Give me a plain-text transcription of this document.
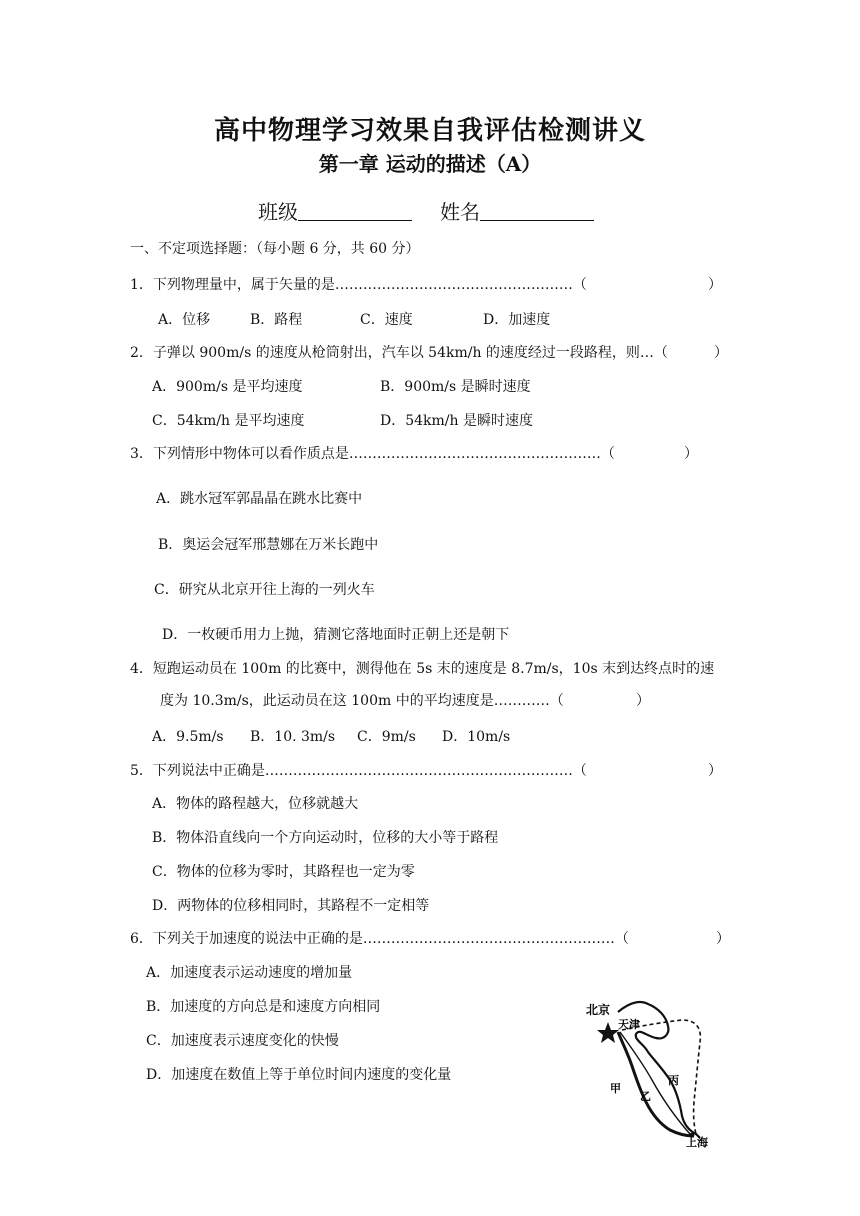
高中物理学习效果自我评估检测讲义
第一章 运动的描述（A）
班级	姓名
一、不定项选择题：（每小题 6 分，共 60 分）
1．下列物理量中，属于矢量的是……………………………………………（	）
A．位移	B．路程	C．速度	D．加速度
2．子弹以 900m/s 的速度从枪筒射出，汽车以 54km/h 的速度经过一段路程，则…（	）
A．900m/s 是平均速度	B．900m/s 是瞬时速度
C．54km/h 是平均速度	D．54km/h 是瞬时速度
3．下列情形中物体可以看作质点是………………………………………………（	）
A．跳水冠军郭晶晶在跳水比赛中
B．奥运会冠军邢慧娜在万米长跑中
C．研究从北京开往上海的一列火车
D．一枚硬币用力上抛，猜测它落地面时正朝上还是朝下
4．短跑运动员在 100m 的比赛中，测得他在 5s 末的速度是 8.7m/s，10s 末到达终点时的速
度为 10.3m/s，此运动员在这 100m 中的平均速度是…………（	）
A．9.5m/s B．10. 3m/s C．9m/s D．10m/s
5．下列说法中正确是…………………………………………………………（	）
A．物体的路程越大，位移就越大
B．物体沿直线向一个方向运动时，位移的大小等于路程
C．物体的位移为零时，其路程也一定为零
D．两物体的位移相同时，其路程不一定相等
6．下列关于加速度的说法中正确的是………………………………………………（	）
A．加速度表示运动速度的增加量
B．加速度的方向总是和速度方向相同
C．加速度表示速度变化的快慢
D．加速度在数值上等于单位时间内速度的变化量
北京
天津
上海
甲
乙
丙
